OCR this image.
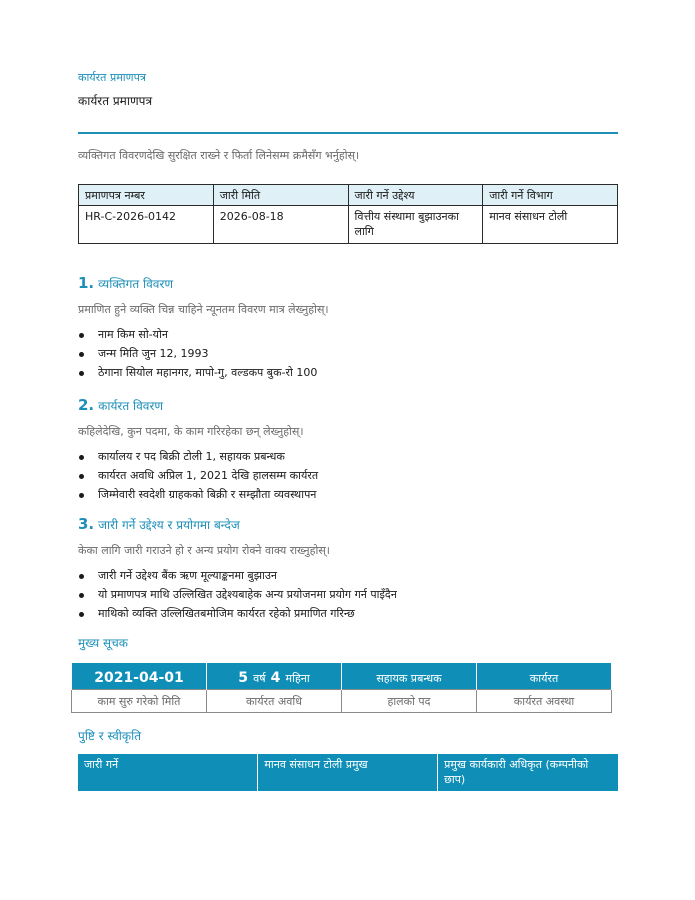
कार्यरत प्रमाणपत्र
कार्यरत प्रमाणपत्र
व्यक्तिगत विवरणदेखि सुरक्षित राख्ने र फिर्ता लिनेसम्म क्रमैसँग भर्नुहोस्।
प्रमाणपत्र नम्बर	जारी मिति	जारी गर्ने उद्देश्य	जारी गर्ने विभाग
HR-C-2026-0142	2026-08-18	वित्तीय संस्थामा बुझाउनका लागि	मानव संसाधन टोली
1. व्यक्तिगत विवरण
प्रमाणित हुने व्यक्ति चिन्न चाहिने न्यूनतम विवरण मात्र लेख्नुहोस्।
नाम किम सो-योन
जन्म मिति जुन 12, 1993
ठेगाना सियोल महानगर, मापो-गु, वल्डकप बुक-रो 100
2. कार्यरत विवरण
कहिलेदेखि, कुन पदमा, के काम गरिरहेका छन् लेख्नुहोस्।
कार्यालय र पद बिक्री टोली 1, सहायक प्रबन्धक
कार्यरत अवधि अप्रिल 1, 2021 देखि हालसम्म कार्यरत
जिम्मेवारी स्वदेशी ग्राहकको बिक्री र सम्झौता व्यवस्थापन
3. जारी गर्ने उद्देश्य र प्रयोगमा बन्देज
केका लागि जारी गराउने हो र अन्य प्रयोग रोक्ने वाक्य राख्नुहोस्।
जारी गर्ने उद्देश्य बैंक ऋण मूल्याङ्कनमा बुझाउन
यो प्रमाणपत्र माथि उल्लिखित उद्देश्यबाहेक अन्य प्रयोजनमा प्रयोग गर्न पाइँदैन
माथिको व्यक्ति उल्लिखितबमोजिम कार्यरत रहेको प्रमाणित गरिन्छ
मुख्य सूचक
2021-04-01	5 वर्ष 4 महिना	सहायक प्रबन्धक	कार्यरत
काम सुरु गरेको मिति	कार्यरत अवधि	हालको पद	कार्यरत अवस्था
पुष्टि र स्वीकृति
जारी गर्ने	मानव संसाधन टोली प्रमुख	प्रमुख कार्यकारी अधिकृत (कम्पनीको छाप)
